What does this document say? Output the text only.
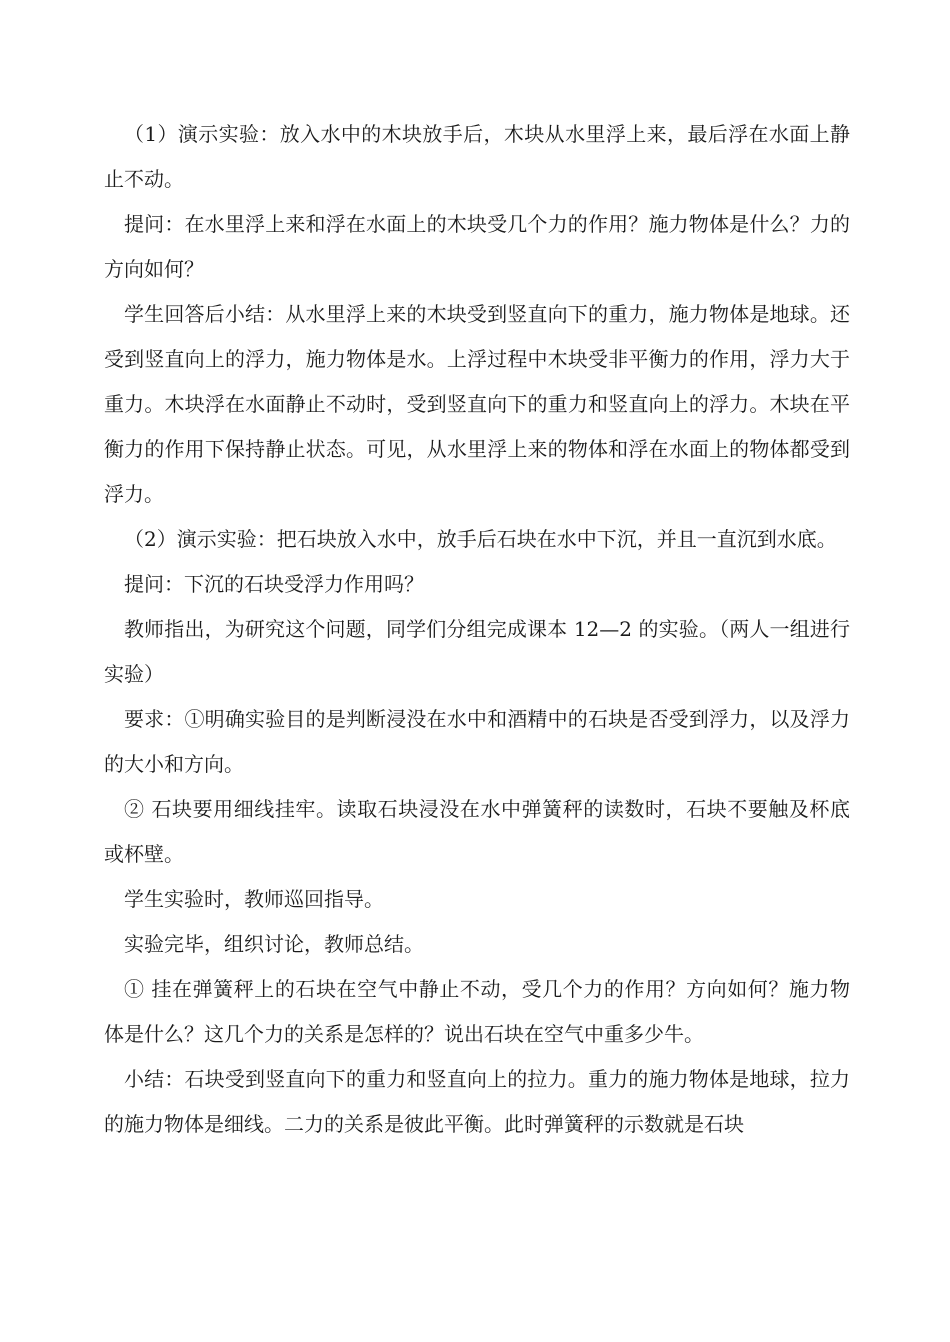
（1）演示实验：放入水中的木块放手后，木块从水里浮上来，最后浮在水面上静止不动。

提问：在水里浮上来和浮在水面上的木块受几个力的作用？施力物体是什么？力的方向如何？

学生回答后小结：从水里浮上来的木块受到竖直向下的重力，施力物体是地球。还受到竖直向上的浮力，施力物体是水。上浮过程中木块受非平衡力的作用，浮力大于重力。木块浮在水面静止不动时，受到竖直向下的重力和竖直向上的浮力。木块在平衡力的作用下保持静止状态。可见，从水里浮上来的物体和浮在水面上的物体都受到浮力。

（2）演示实验：把石块放入水中，放手后石块在水中下沉，并且一直沉到水底。

提问：下沉的石块受浮力作用吗？

教师指出，为研究这个问题，同学们分组完成课本 12—2 的实验。（两人一组进行实验）

要求：①明确实验目的是判断浸没在水中和酒精中的石块是否受到浮力，以及浮力的大小和方向。

② 石块要用细线挂牢。读取石块浸没在水中弹簧秤的读数时，石块不要触及杯底或杯壁。

学生实验时，教师巡回指导。

实验完毕，组织讨论，教师总结。

① 挂在弹簧秤上的石块在空气中静止不动，受几个力的作用？方向如何？施力物体是什么？这几个力的关系是怎样的？说出石块在空气中重多少牛。

小结：石块受到竖直向下的重力和竖直向上的拉力。重力的施力物体是地球，拉力的施力物体是细线。二力的关系是彼此平衡。此时弹簧秤的示数就是石块
